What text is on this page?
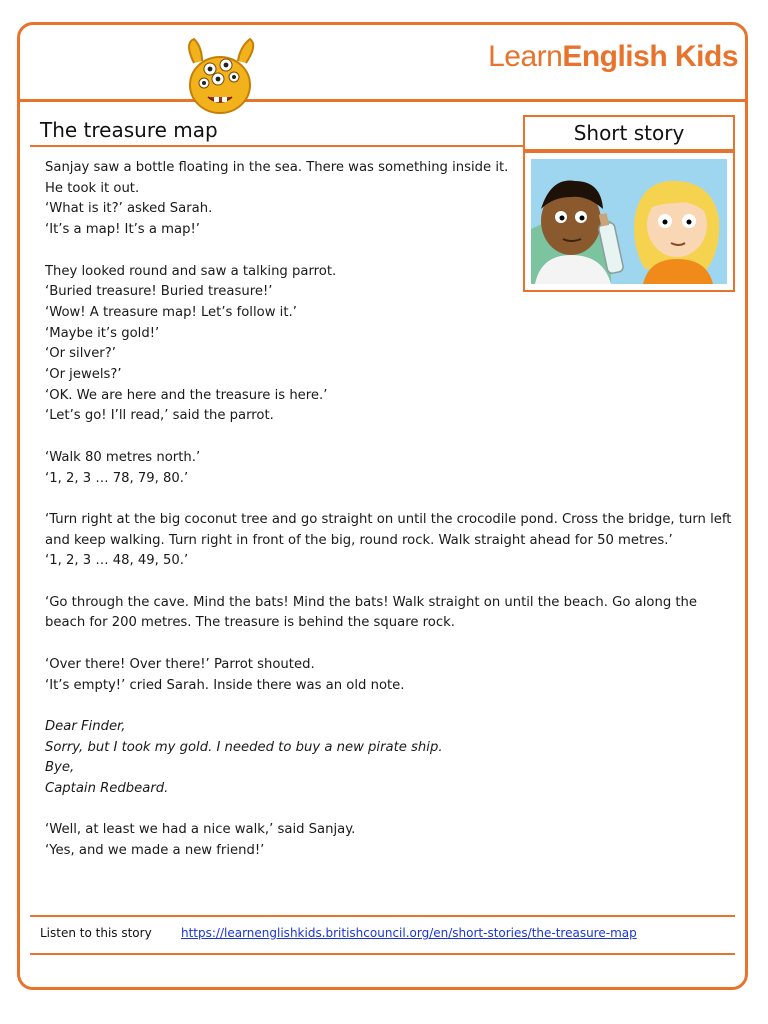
LearnEnglish Kids
The treasure map	Short story

Sanjay saw a bottle floating in the sea. There was something inside it.
He took it out.
‘What is it?’ asked Sarah.
‘It’s a map! It’s a map!’

They looked round and saw a talking parrot.
‘Buried treasure! Buried treasure!’
‘Wow! A treasure map! Let’s follow it.’
‘Maybe it’s gold!’
‘Or silver?’
‘Or jewels?’
‘OK. We are here and the treasure is here.’
‘Let’s go! I’ll read,’ said the parrot.

‘Walk 80 metres north.’
‘1, 2, 3 … 78, 79, 80.’

‘Turn right at the big coconut tree and go straight on until the crocodile pond. Cross the bridge, turn left and keep walking. Turn right in front of the big, round rock. Walk straight ahead for 50 metres.’
‘1, 2, 3 … 48, 49, 50.’

‘Go through the cave. Mind the bats! Mind the bats! Walk straight on until the beach. Go along the beach for 200 metres. The treasure is behind the square rock.

‘Over there! Over there!’ Parrot shouted.
‘It’s empty!’ cried Sarah. Inside there was an old note.

Dear Finder,
Sorry, but I took my gold. I needed to buy a new pirate ship.
Bye,
Captain Redbeard.

‘Well, at least we had a nice walk,’ said Sanjay.
‘Yes, and we made a new friend!’

Listen to this story https://learnenglishkids.britishcouncil.org/en/short-stories/the-treasure-map
